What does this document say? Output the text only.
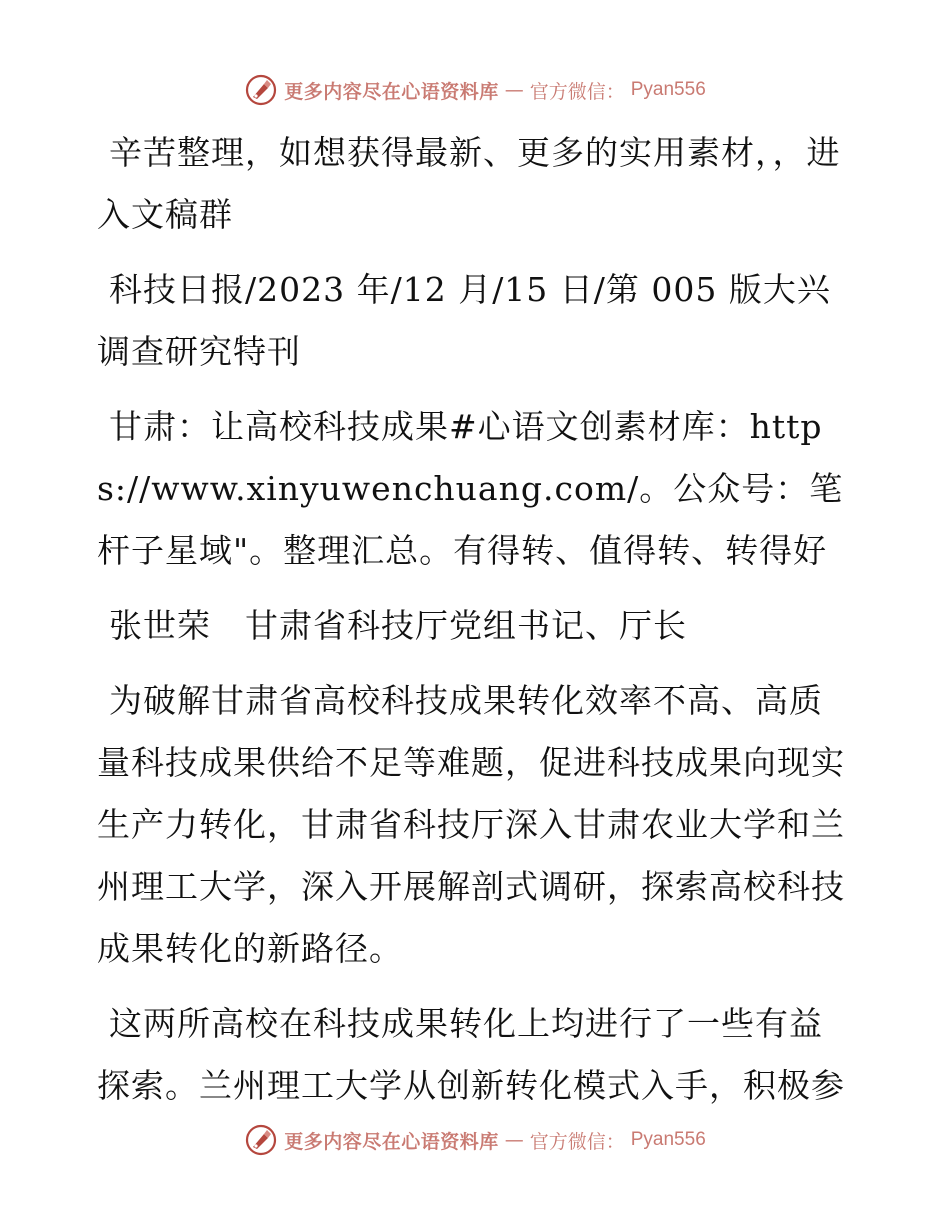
更多内容尽在心语资料库 — 官方微信： Pyan556

辛苦整理，如想获得最新、更多的实用素材，，进入文稿群

科技日报/2023 年/12 月/15 日/第 005 版大兴调查研究特刊

甘肃：让高校科技成果#心语文创素材库：https://www.xinyuwenchuang.com/。公众号：笔杆子星域"。整理汇总。有得转、值得转、转得好

张世荣　甘肃省科技厅党组书记、厅长

为破解甘肃省高校科技成果转化效率不高、高质量科技成果供给不足等难题，促进科技成果向现实生产力转化，甘肃省科技厅深入甘肃农业大学和兰州理工大学，深入开展解剖式调研，探索高校科技成果转化的新路径。

这两所高校在科技成果转化上均进行了一些有益探索。兰州理工大学从创新转化模式入手，积极参

更多内容尽在心语资料库 — 官方微信： Pyan556
